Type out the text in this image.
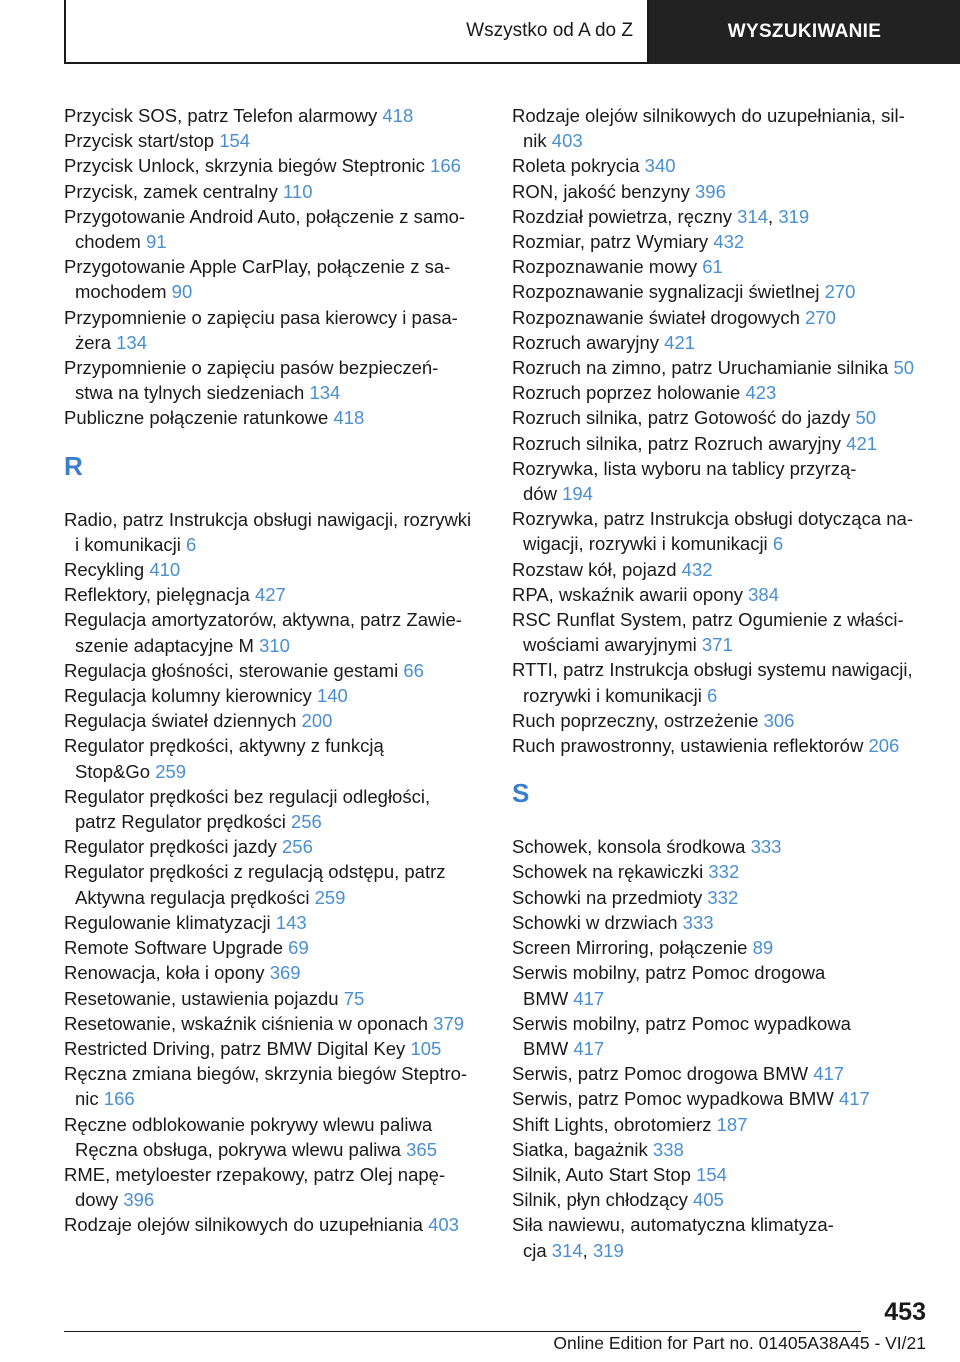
Wszystko od A do Z	WYSZUKIWANIE
Przycisk SOS, patrz Telefon alarmowy 418
Przycisk start/stop 154
Przycisk Unlock, skrzynia biegów Steptronic 166
Przycisk, zamek centralny 110
Przygotowanie Android Auto, połączenie z samo-
chodem 91
Przygotowanie Apple CarPlay, połączenie z sa-
mochodem 90
Przypomnienie o zapięciu pasa kierowcy i pasa-
żera 134
Przypomnienie o zapięciu pasów bezpieczeń-
stwa na tylnych siedzeniach 134
Publiczne połączenie ratunkowe 418
R
Radio, patrz Instrukcja obsługi nawigacji, rozrywki
i komunikacji 6
Recykling 410
Reflektory, pielęgnacja 427
Regulacja amortyzatorów, aktywna, patrz Zawie-
szenie adaptacyjne M 310
Regulacja głośności, sterowanie gestami 66
Regulacja kolumny kierownicy 140
Regulacja świateł dziennych 200
Regulator prędkości, aktywny z funkcją
Stop&Go 259
Regulator prędkości bez regulacji odległości,
patrz Regulator prędkości 256
Regulator prędkości jazdy 256
Regulator prędkości z regulacją odstępu, patrz
Aktywna regulacja prędkości 259
Regulowanie klimatyzacji 143
Remote Software Upgrade 69
Renowacja, koła i opony 369
Resetowanie, ustawienia pojazdu 75
Resetowanie, wskaźnik ciśnienia w oponach 379
Restricted Driving, patrz BMW Digital Key 105
Ręczna zmiana biegów, skrzynia biegów Steptro-
nic 166
Ręczne odblokowanie pokrywy wlewu paliwa
Ręczna obsługa, pokrywa wlewu paliwa 365
RME, metyloester rzepakowy, patrz Olej napę-
dowy 396
Rodzaje olejów silnikowych do uzupełniania 403
Rodzaje olejów silnikowych do uzupełniania, sil-
nik 403
Roleta pokrycia 340
RON, jakość benzyny 396
Rozdział powietrza, ręczny 314, 319
Rozmiar, patrz Wymiary 432
Rozpoznawanie mowy 61
Rozpoznawanie sygnalizacji świetlnej 270
Rozpoznawanie świateł drogowych 270
Rozruch awaryjny 421
Rozruch na zimno, patrz Uruchamianie silnika 50
Rozruch poprzez holowanie 423
Rozruch silnika, patrz Gotowość do jazdy 50
Rozruch silnika, patrz Rozruch awaryjny 421
Rozrywka, lista wyboru na tablicy przyrzą-
dów 194
Rozrywka, patrz Instrukcja obsługi dotycząca na-
wigacji, rozrywki i komunikacji 6
Rozstaw kół, pojazd 432
RPA, wskaźnik awarii opony 384
RSC Runflat System, patrz Ogumienie z właści-
wościami awaryjnymi 371
RTTI, patrz Instrukcja obsługi systemu nawigacji,
rozrywki i komunikacji 6
Ruch poprzeczny, ostrzeżenie 306
Ruch prawostronny, ustawienia reflektorów 206
S
Schowek, konsola środkowa 333
Schowek na rękawiczki 332
Schowki na przedmioty 332
Schowki w drzwiach 333
Screen Mirroring, połączenie 89
Serwis mobilny, patrz Pomoc drogowa
BMW 417
Serwis mobilny, patrz Pomoc wypadkowa
BMW 417
Serwis, patrz Pomoc drogowa BMW 417
Serwis, patrz Pomoc wypadkowa BMW 417
Shift Lights, obrotomierz 187
Siatka, bagażnik 338
Silnik, Auto Start Stop 154
Silnik, płyn chłodzący 405
Siła nawiewu, automatyczna klimatyza-
cja 314, 319
453
Online Edition for Part no. 01405A38A45 - VI/21
